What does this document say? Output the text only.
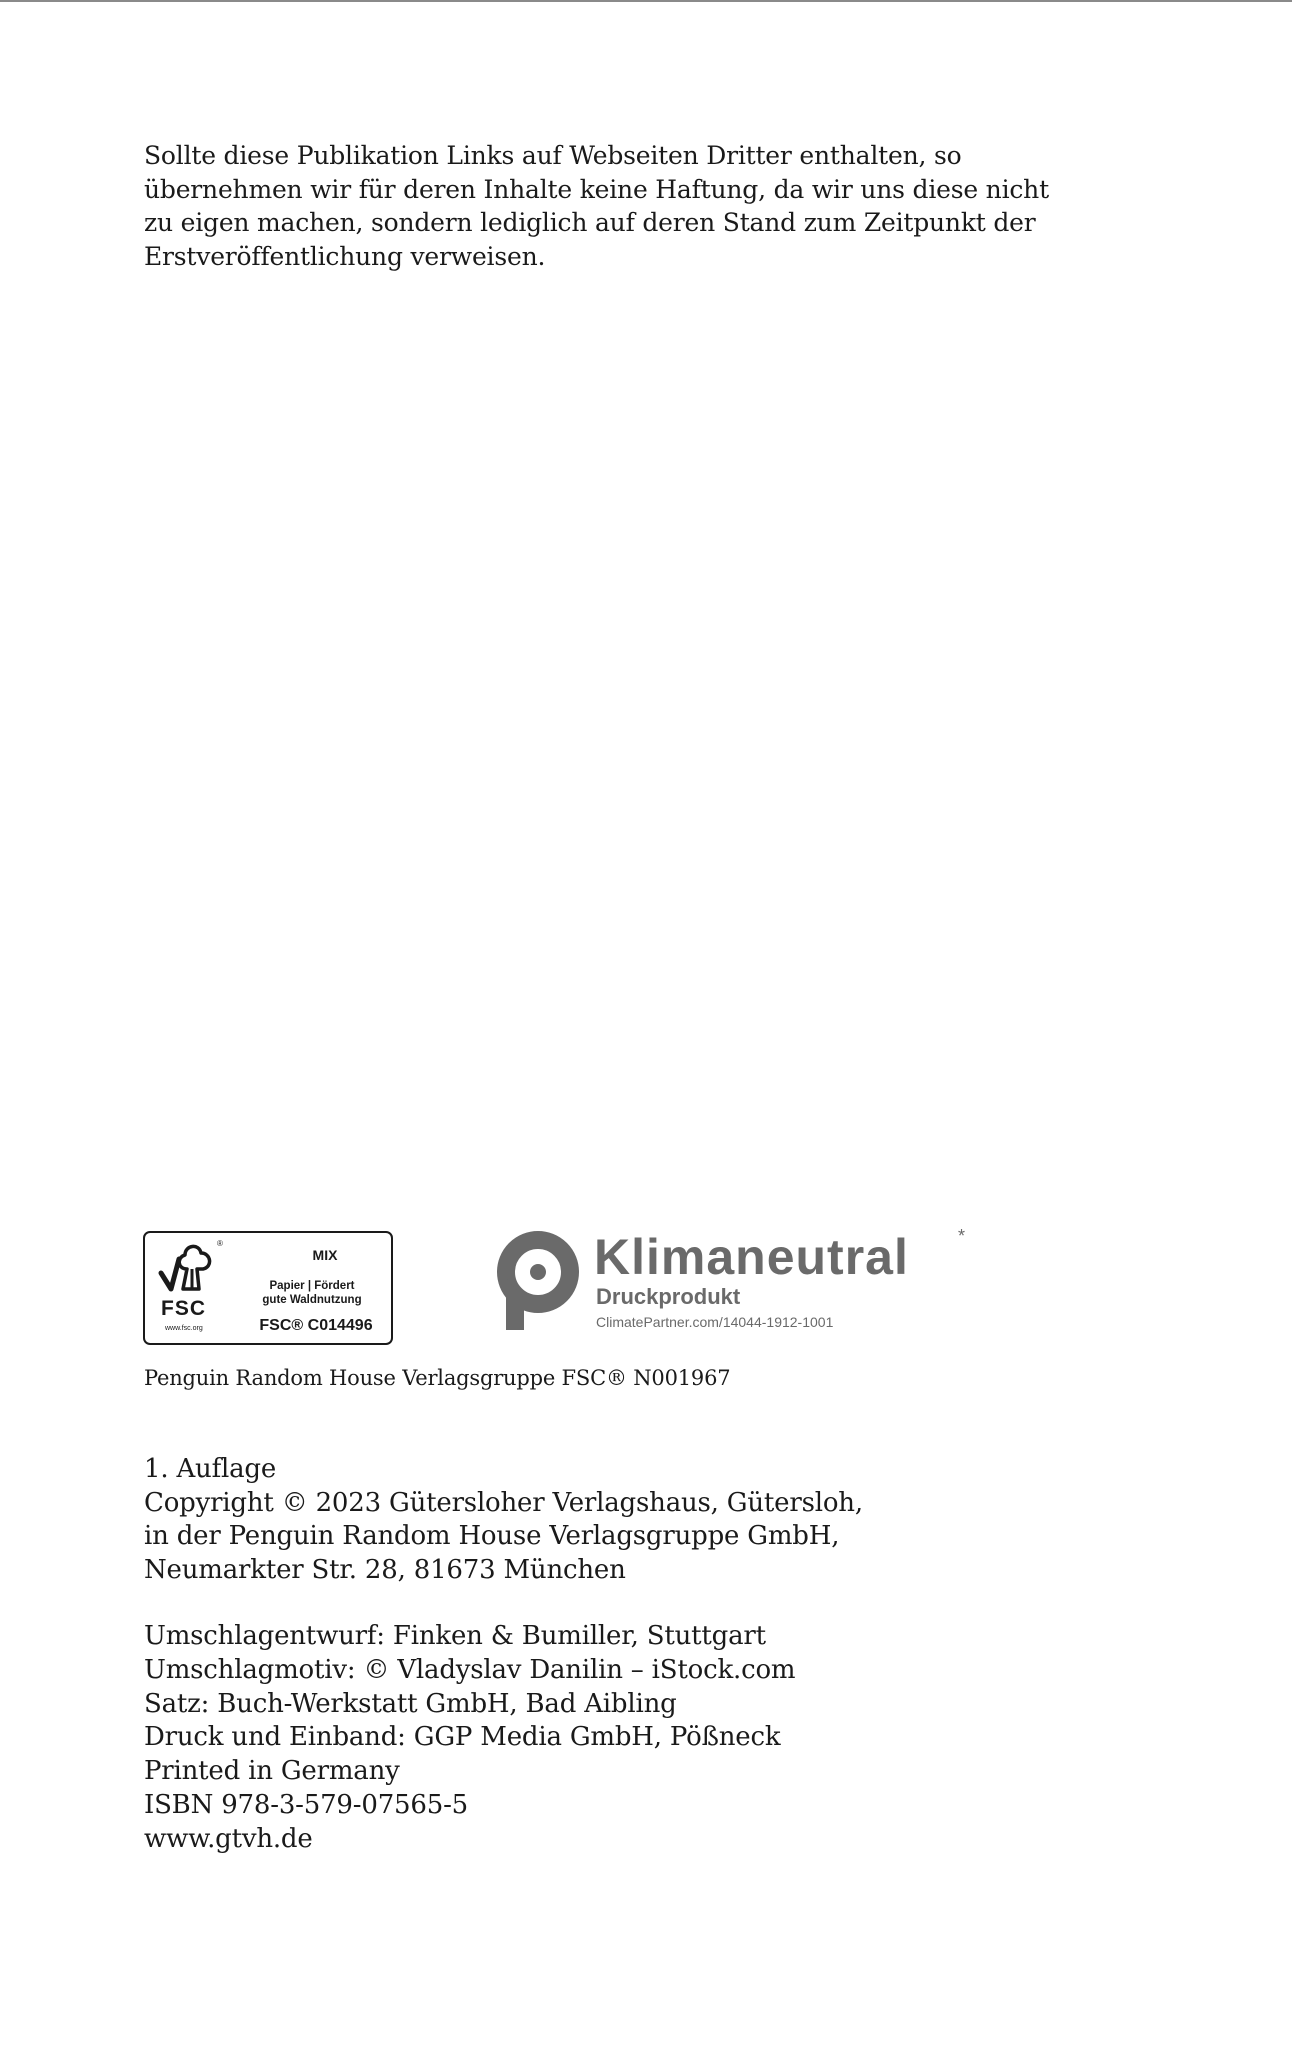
Sollte diese Publikation Links auf Webseiten Dritter enthalten, so

übernehmen wir für deren Inhalte keine Haftung, da wir uns diese nicht

zu eigen machen, sondern lediglich auf deren Stand zum Zeitpunkt der

Erstveröffentlichung verweisen.

®
FSC
www.fsc.org
MIX
Papier | Fördert
gute Waldnutzung
FSC® C014496
Klimaneutral	*
Druckprodukt
ClimatePartner.com/14044-1912-1001
Penguin Random House Verlagsgruppe FSC® N001967

1. Auflage

Copyright © 2023 Gütersloher Verlagshaus, Gütersloh,

in der Penguin Random House Verlagsgruppe GmbH,

Neumarkter Str. 28, 81673 München

Umschlagentwurf: Finken & Bumiller, Stuttgart

Umschlagmotiv: © Vladyslav Danilin – iStock.com

Satz: Buch-Werkstatt GmbH, Bad Aibling

Druck und Einband: GGP Media GmbH, Pößneck

Printed in Germany

ISBN 978-3-579-07565-5

www.gtvh.de
